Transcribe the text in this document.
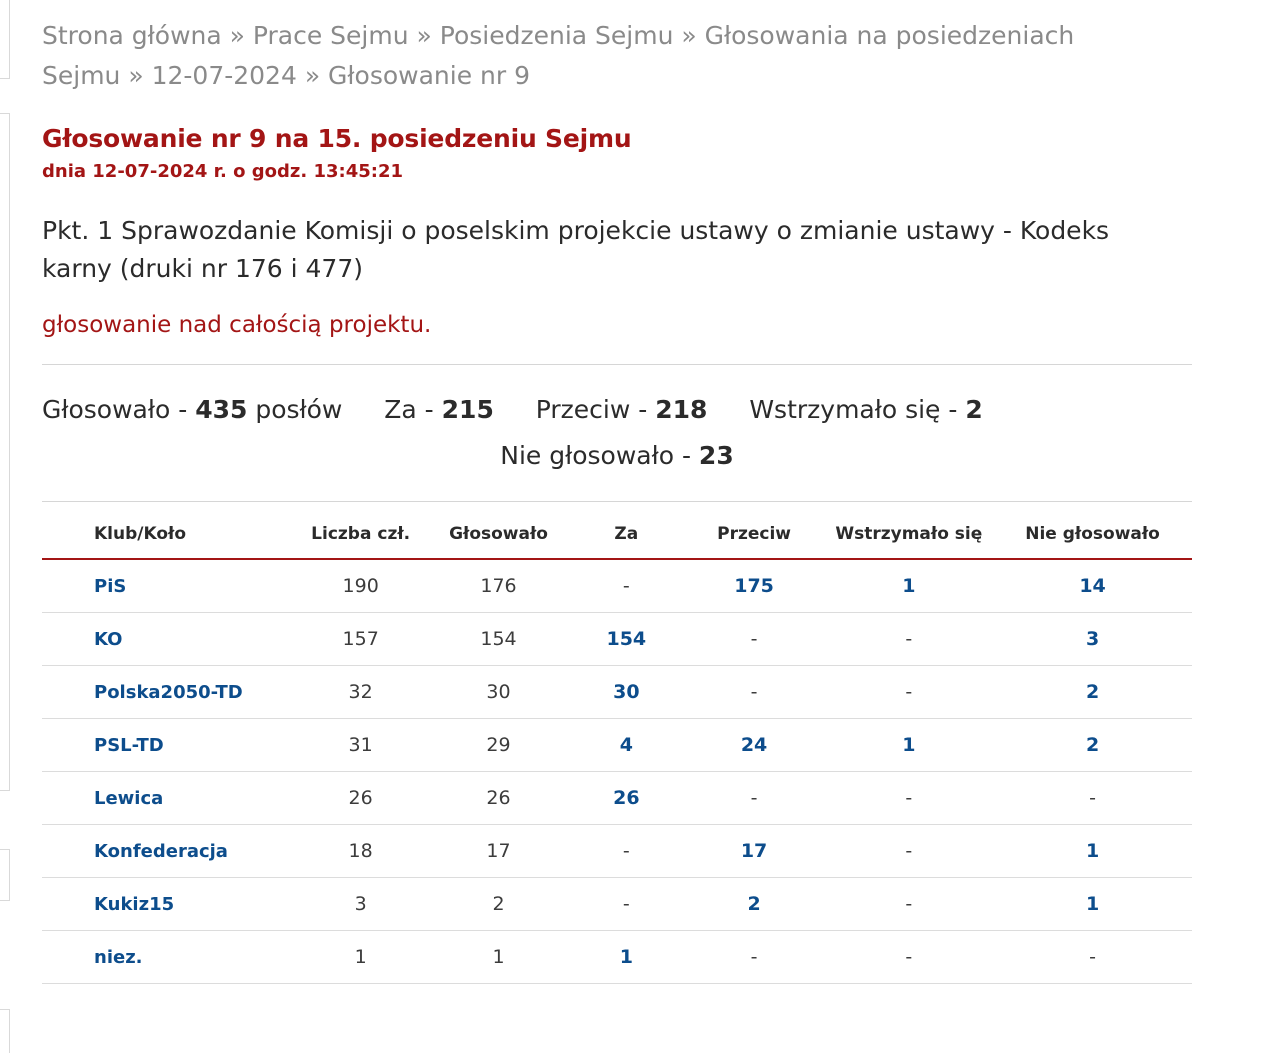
Strona główna » Prace Sejmu » Posiedzenia Sejmu » Głosowania na posiedzeniach Sejmu » 12-07-2024 » Głosowanie nr 9
Głosowanie nr 9 na 15. posiedzeniu Sejmu
dnia 12-07-2024 r. o godz. 13:45:21
Pkt. 1 Sprawozdanie Komisji o poselskim projekcie ustawy o zmianie ustawy - Kodeks karny (druki nr 176 i 477)
głosowanie nad całością projektu.
Głosowało - 435 posłów Za - 215 Przeciw - 218 Wstrzymało się - 2
Nie głosowało - 23
Klub/Koło	Liczba czł.	Głosowało	Za	Przeciw	Wstrzymało się	Nie głosowało
PiS	190	176	-	175	1	14
KO	157	154	154	-	-	3
Polska2050-TD	32	30	30	-	-	2
PSL-TD	31	29	4	24	1	2
Lewica	26	26	26	-	-	-
Konfederacja	18	17	-	17	-	1
Kukiz15	3	2	-	2	-	1
niez.	1	1	1	-	-	-
